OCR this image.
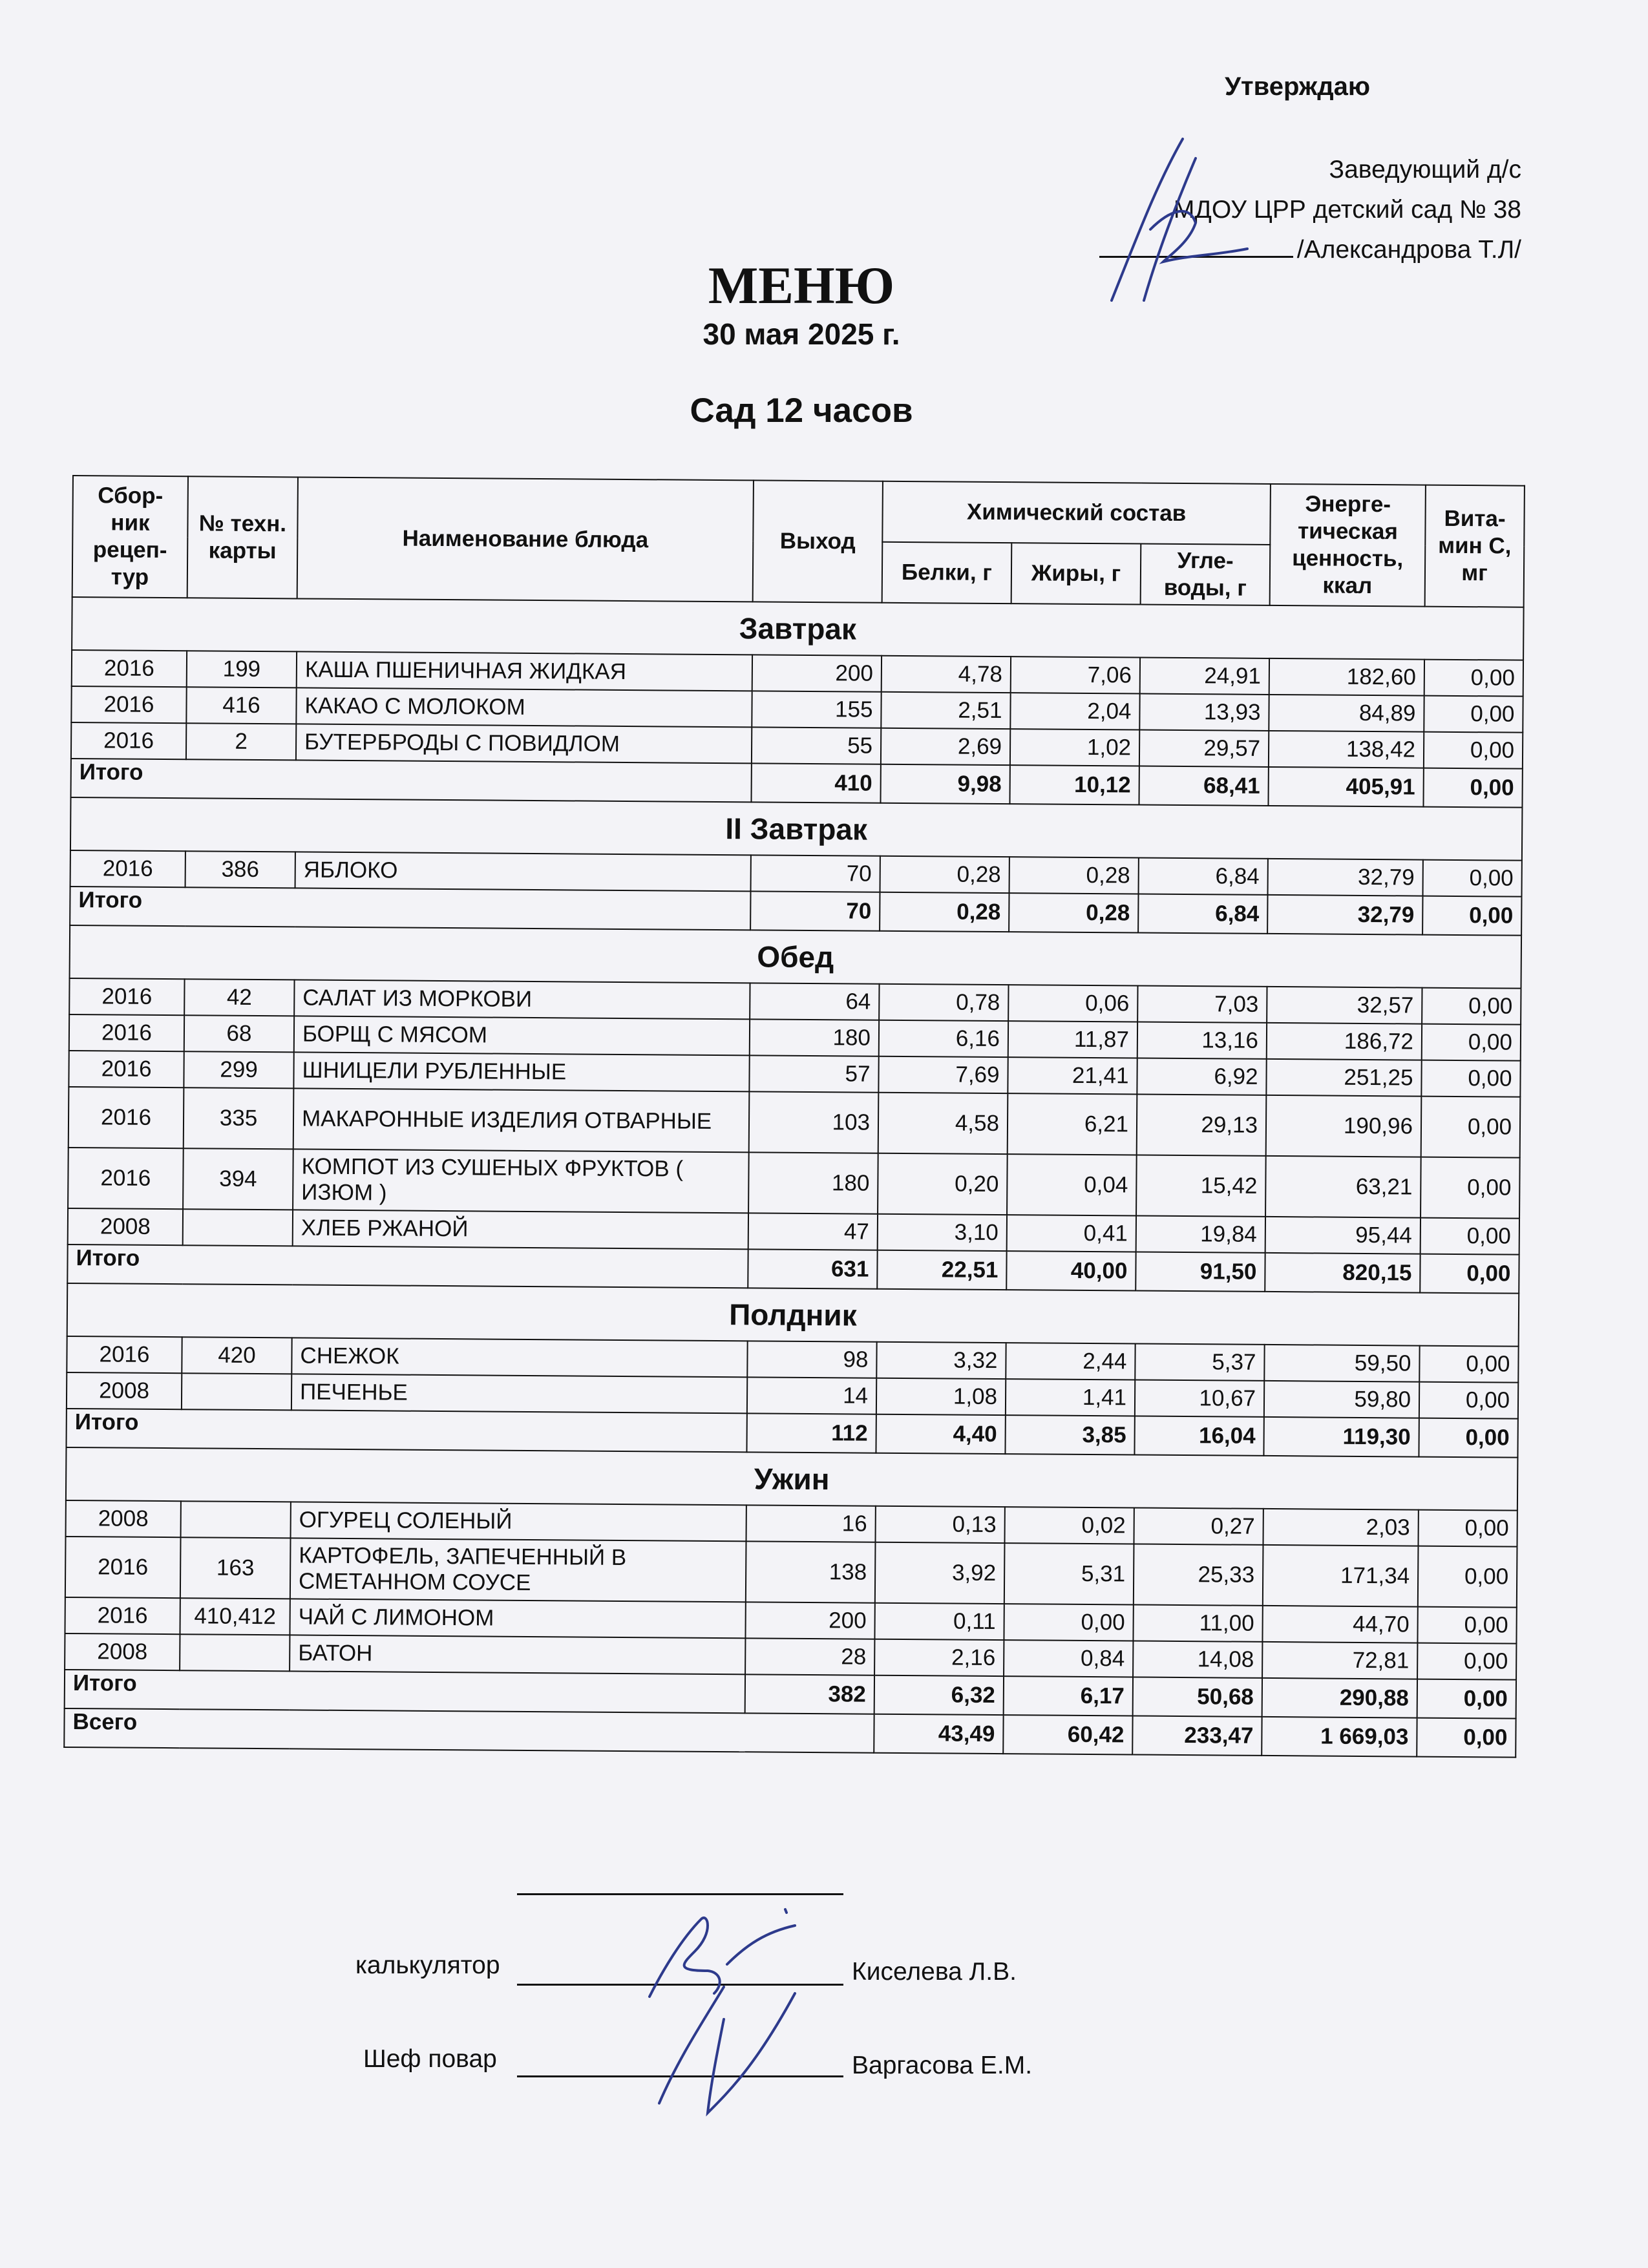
Утверждаю
Заведующий д/с
МДОУ ЦРР детский сад № 38
/Александрова Т.Л/
МЕНЮ
30 мая 2025 г.
Сад 12 часов
Сбор-ник рецеп-тур	№ техн. карты	Наименование блюда	Выход	Химический состав			Энерге-тическая ценность, ккал	Вита-мин С, мг
				Белки, г	Жиры, г	Угле-воды, г		
Завтрак								
2016	199	КАША ПШЕНИЧНАЯ ЖИДКАЯ	200	4,78	7,06	24,91	182,60	0,00
2016	416	КАКАО С МОЛОКОМ	155	2,51	2,04	13,93	84,89	0,00
2016	2	БУТЕРБРОДЫ С ПОВИДЛОМ	55	2,69	1,02	29,57	138,42	0,00
Итого			410	9,98	10,12	68,41	405,91	0,00
II Завтрак								
2016	386	ЯБЛОКО	70	0,28	0,28	6,84	32,79	0,00
Итого			70	0,28	0,28	6,84	32,79	0,00
Обед								
2016	42	САЛАТ ИЗ МОРКОВИ	64	0,78	0,06	7,03	32,57	0,00
2016	68	БОРЩ С МЯСОМ	180	6,16	11,87	13,16	186,72	0,00
2016	299	ШНИЦЕЛИ РУБЛЕННЫЕ	57	7,69	21,41	6,92	251,25	0,00
2016	335	МАКАРОННЫЕ ИЗДЕЛИЯ ОТВАРНЫЕ	103	4,58	6,21	29,13	190,96	0,00
2016	394	КОМПОТ ИЗ СУШЕНЫХ ФРУКТОВ ( ИЗЮМ )	180	0,20	0,04	15,42	63,21	0,00
2008		ХЛЕБ РЖАНОЙ	47	3,10	0,41	19,84	95,44	0,00
Итого			631	22,51	40,00	91,50	820,15	0,00
Полдник								
2016	420	СНЕЖОК	98	3,32	2,44	5,37	59,50	0,00
2008		ПЕЧЕНЬЕ	14	1,08	1,41	10,67	59,80	0,00
Итого			112	4,40	3,85	16,04	119,30	0,00
Ужин								
2008		ОГУРЕЦ СОЛЕНЫЙ	16	0,13	0,02	0,27	2,03	0,00
2016	163	КАРТОФЕЛЬ, ЗАПЕЧЕННЫЙ В СМЕТАННОМ СОУСЕ	138	3,92	5,31	25,33	171,34	0,00
2016	410,412	ЧАЙ С ЛИМОНОМ	200	0,11	0,00	11,00	44,70	0,00
2008		БАТОН	28	2,16	0,84	14,08	72,81	0,00
Итого			382	6,32	6,17	50,68	290,88	0,00
Всего				43,49	60,42	233,47	1 669,03	0,00
калькулятор	Киселева Л.В.
Шеф повар	Варгасова Е.М.
